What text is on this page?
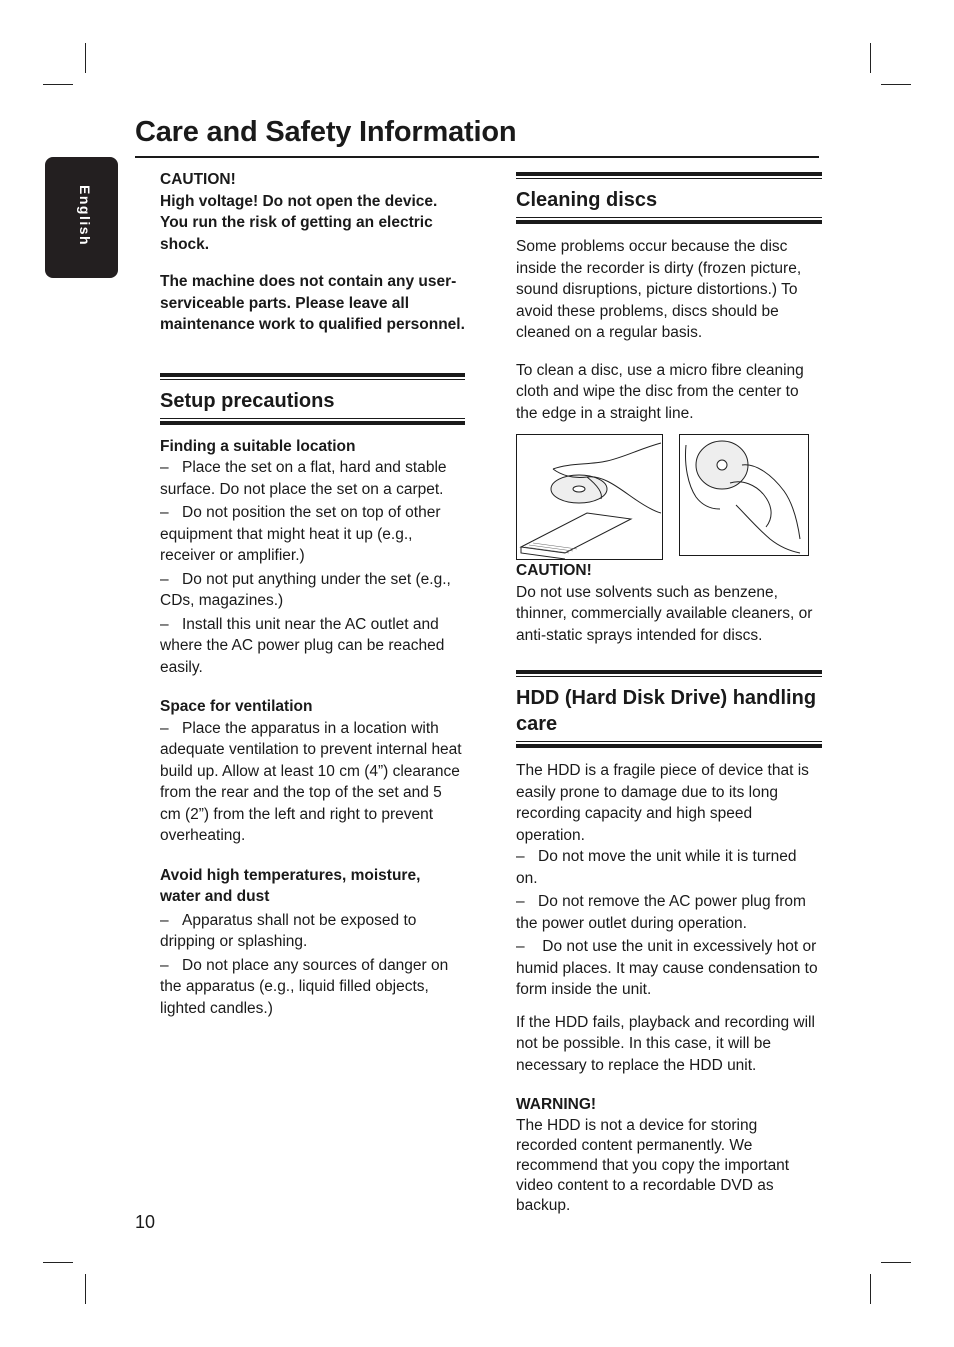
English
Care and Safety Information

CAUTION!

High voltage! Do not open the device. You run the risk of getting an electric shock.

The machine does not contain any user-serviceable parts. Please leave all maintenance work to qualified personnel.

Setup precautions

Finding a suitable location

– Place the set on a flat, hard and stable surface. Do not place the set on a carpet.

– Do not position the set on top of other equipment that might heat it up (e.g., receiver or amplifier.)

– Do not put anything under the set (e.g., CDs, magazines.)

– Install this unit near the AC outlet and where the AC power plug can be reached easily.

Space for ventilation

– Place the apparatus in a location with adequate ventilation to prevent internal heat build up. Allow at least 10 cm (4”) clearance from the rear and the top of the set and 5 cm (2”) from the left and right to prevent overheating.

Avoid high temperatures, moisture, water and dust

– Apparatus shall not be exposed to dripping or splashing.

– Do not place any sources of danger on the apparatus (e.g., liquid filled objects, lighted candles.)

Cleaning discs

Some problems occur because the disc inside the recorder is dirty (frozen picture, sound disruptions, picture distortions.) To avoid these problems, discs should be cleaned on a regular basis.

To clean a disc, use a micro fibre cleaning cloth and wipe the disc from the center to the edge in a straight line.

CAUTION!

Do not use solvents such as benzene, thinner, commercially available cleaners, or anti-static sprays intended for discs.

HDD (Hard Disk Drive) handling care

The HDD is a fragile piece of device that is easily prone to damage due to its long recording capacity and high speed operation.

– Do not move the unit while it is turned on.

– Do not remove the AC power plug from the power outlet during operation.

– Do not use the unit in excessively hot or humid places. It may cause condensation to form inside the unit.

If the HDD fails, playback and recording will not be possible. In this case, it will be necessary to replace the HDD unit.

WARNING!

The HDD is not a device for storing recorded content permanently. We recommend that you copy the important video content to a recordable DVD as backup.

10
